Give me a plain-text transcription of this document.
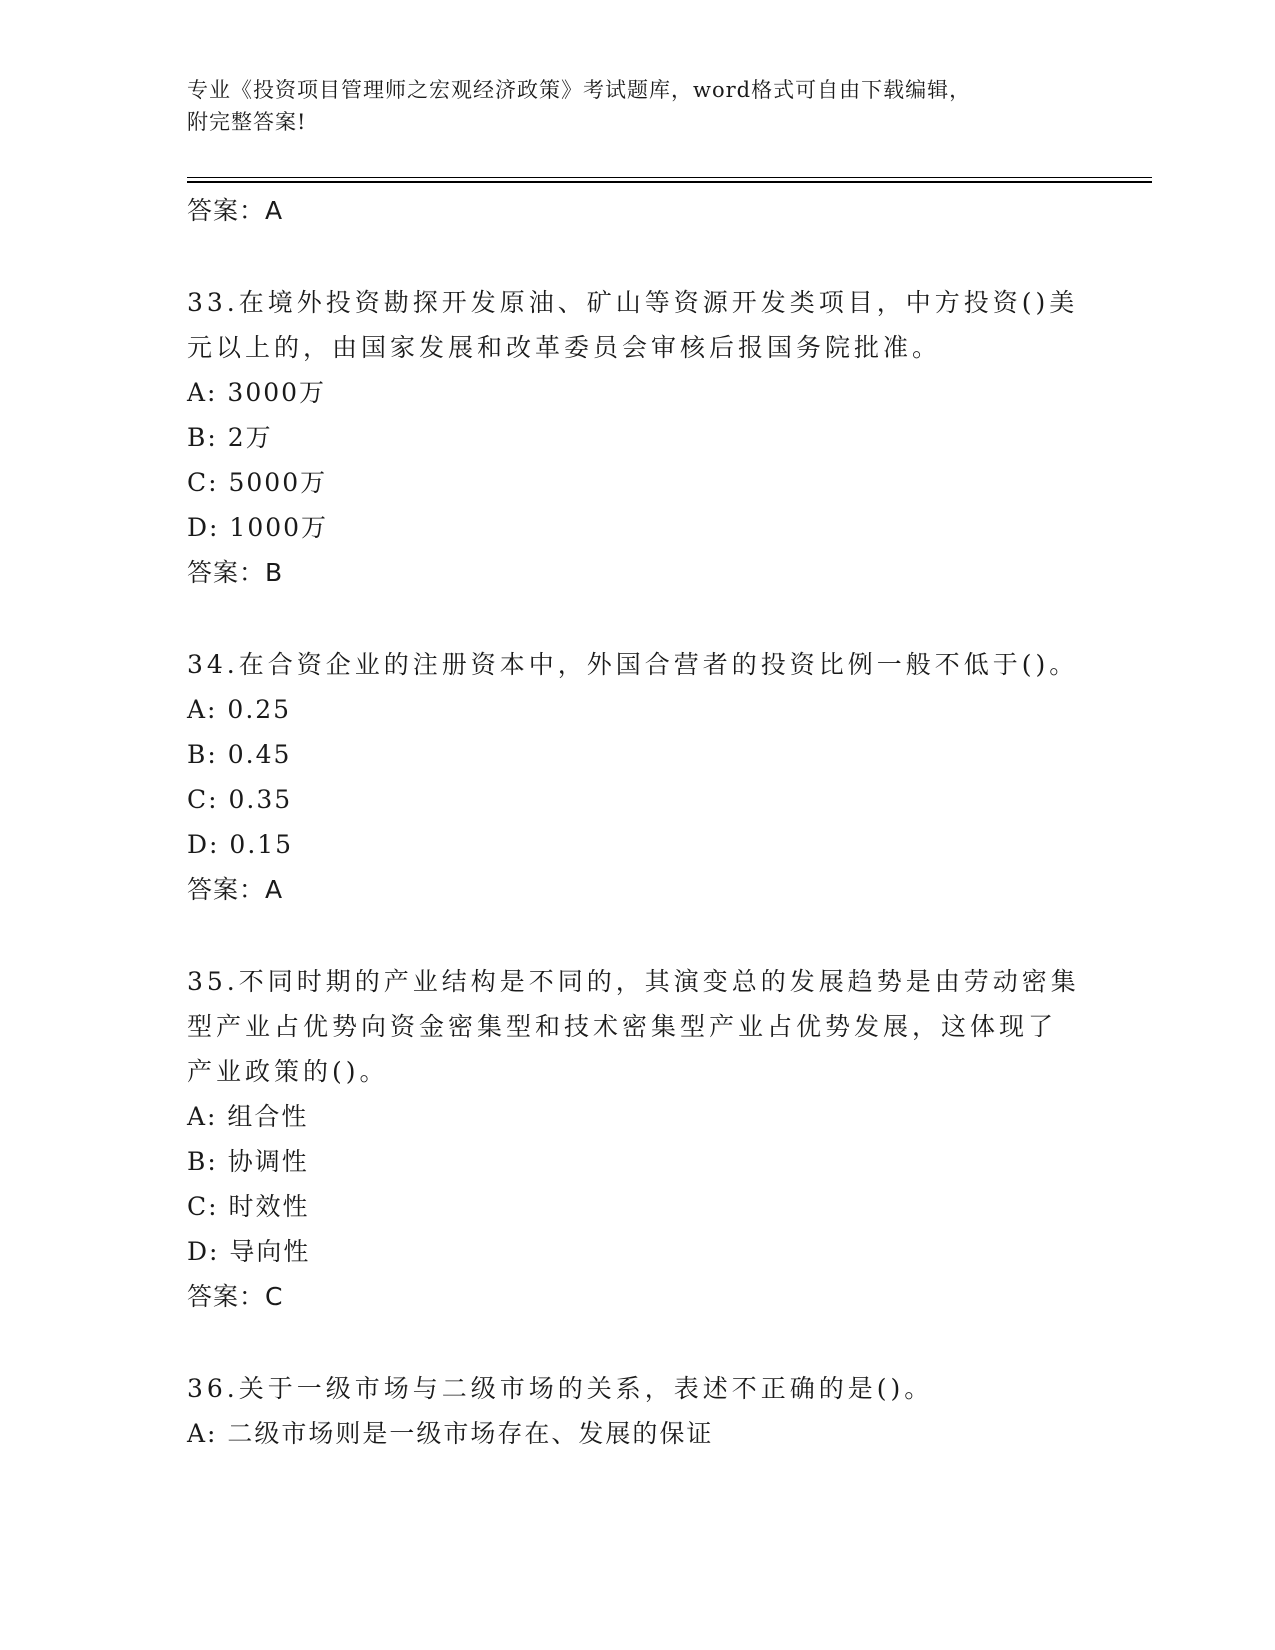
专业《投资项目管理师之宏观经济政策》考试题库，word格式可自由下载编辑，
附完整答案!
答案：A
33.在境外投资勘探开发原油、矿山等资源开发类项目，中方投资()美
元以上的，由国家发展和改革委员会审核后报国务院批准。
A: 3000万
B: 2万
C: 5000万
D: 1000万
答案：B
34.在合资企业的注册资本中，外国合营者的投资比例一般不低于()。
A: 0.25
B: 0.45
C: 0.35
D: 0.15
答案：A
35.不同时期的产业结构是不同的，其演变总的发展趋势是由劳动密集
型产业占优势向资金密集型和技术密集型产业占优势发展，这体现了
产业政策的()。
A: 组合性
B: 协调性
C: 时效性
D: 导向性
答案：C
36.关于一级市场与二级市场的关系，表述不正确的是()。
A: 二级市场则是一级市场存在、发展的保证
